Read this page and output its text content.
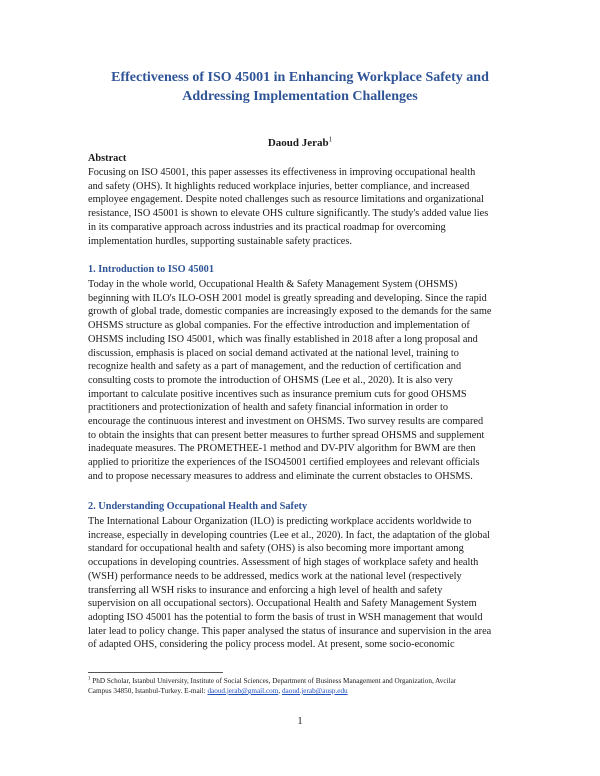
Effectiveness of ISO 45001 in Enhancing Workplace Safety and
Addressing Implementation Challenges
Daoud Jerab$^1$
Abstract
Focusing on ISO 45001, this paper assesses its effectiveness in improving occupational health
and safety (OHS). It highlights reduced workplace injuries, better compliance, and increased
employee engagement. Despite noted challenges such as resource limitations and organizational
resistance, ISO 45001 is shown to elevate OHS culture significantly. The study's added value lies
in its comparative approach across industries and its practical roadmap for overcoming
implementation hurdles, supporting sustainable safety practices.
1. Introduction to ISO 45001
Today in the whole world, Occupational Health & Safety Management System (OHSMS)
beginning with ILO's ILO-OSH 2001 model is greatly spreading and developing. Since the rapid
growth of global trade, domestic companies are increasingly exposed to the demands for the same
OHSMS structure as global companies. For the effective introduction and implementation of
OHSMS including ISO 45001, which was finally established in 2018 after a long proposal and
discussion, emphasis is placed on social demand activated at the national level, training to
recognize health and safety as a part of management, and the reduction of certification and
consulting costs to promote the introduction of OHSMS (Lee et al., 2020). It is also very
important to calculate positive incentives such as insurance premium cuts for good OHSMS
practitioners and protectionization of health and safety financial information in order to
encourage the continuous interest and investment on OHSMS. Two survey results are compared
to obtain the insights that can present better measures to further spread OHSMS and supplement
inadequate measures. The PROMETHEE-1 method and DV-PIV algorithm for BWM are then
applied to prioritize the experiences of the ISO45001 certified employees and relevant officials
and to propose necessary measures to address and eliminate the current obstacles to OHSMS.
2. Understanding Occupational Health and Safety
The International Labour Organization (ILO) is predicting workplace accidents worldwide to
increase, especially in developing countries (Lee et al., 2020). In fact, the adaptation of the global
standard for occupational health and safety (OHS) is also becoming more important among
occupations in developing countries. Assessment of high stages of workplace safety and health
(WSH) performance needs to be addressed, medics work at the national level (respectively
transferring all WSH risks to insurance and enforcing a high level of health and safety
supervision on all occupational sectors). Occupational Health and Safety Management System
adopting ISO 45001 has the potential to form the basis of trust in WSH management that would
later lead to policy change. This paper analysed the status of insurance and supervision in the area
of adapted OHS, considering the policy process model. At present, some socio-economic
$^1$ PhD Scholar, Istanbul University, Institute of Social Sciences, Department of Business Management and Organization, Avcilar
Campus 34850, Istanbul-Turkey. E-mail: daoud.jerab@gmail.com, daoud.jerab@ausp.edu
1
